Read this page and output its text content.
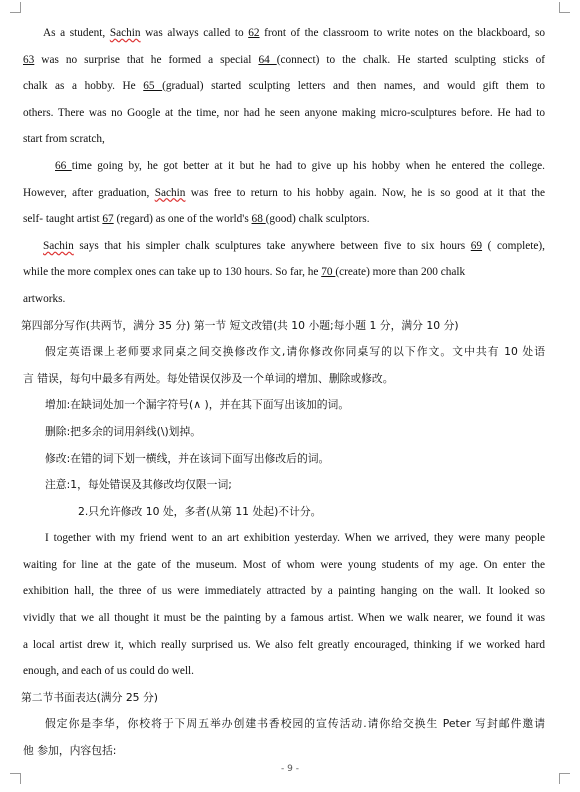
As a student, Sachin was always called to 62 front of the classroom to write notes on the blackboard, so
63 was no surprise that he formed a special 64 (connect) to the chalk. He started sculpting sticks of
chalk as a hobby. He 65 (gradual) started sculpting letters and then names, and would gift them to
others. There was no Google at the time, nor had he seen anyone making micro-sculptures before. He had to
start from scratch,
66 time going by, he got better at it but he had to give up his hobby when he entered the college.
However, after graduation, Sachin was free to return to his hobby again. Now, he is so good at it that the
self- taught artist 67 (regard) as one of the world's 68 (good) chalk sculptors.
Sachin says that his simpler chalk sculptures take anywhere between five to six hours 69 ( complete),
while the more complex ones can take up to 130 hours. So far, he 70 (create) more than 200 chalk
artworks.
第四部分写作(共两节，满分 35 分) 第一节 短文改错(共 10 小题;每小题 1 分，满分 10 分)
假定英语课上老师要求同桌之间交换修改作文,请你修改你同桌写的以下作文。文中共有 10 处语
言 错误，每句中最多有两处。每处错误仅涉及一个单词的增加、删除或修改。
增加:在缺词处加一个漏字符号(∧ )，并在其下面写出该加的词。
删除:把多余的词用斜线(\)划掉。
修改:在错的词下划一横线，并在该词下面写出修改后的词。
注意:1，每处错误及其修改均仅限一词;
2.只允许修改 10 处，多者(从第 11 处起)不计分。
I together with my friend went to an art exhibition yesterday. When we arrived, they were many people
waiting for line at the gate of the museum. Most of whom were young students of my age. On enter the
exhibition hall, the three of us were immediately attracted by a painting hanging on the wall. It looked so
vividly that we all thought it must be the painting by a famous artist. When we walk nearer, we found it was
a local artist drew it, which really surprised us. We also felt greatly encouraged, thinking if we worked hard
enough, and each of us could do well.
第二节书面表达(满分 25 分)
假定你是李华，你校将于下周五举办创建书香校园的宣传活动.请你给交换生 Peter 写封邮件邀请
他 参加，内容包括:
- 9 -
